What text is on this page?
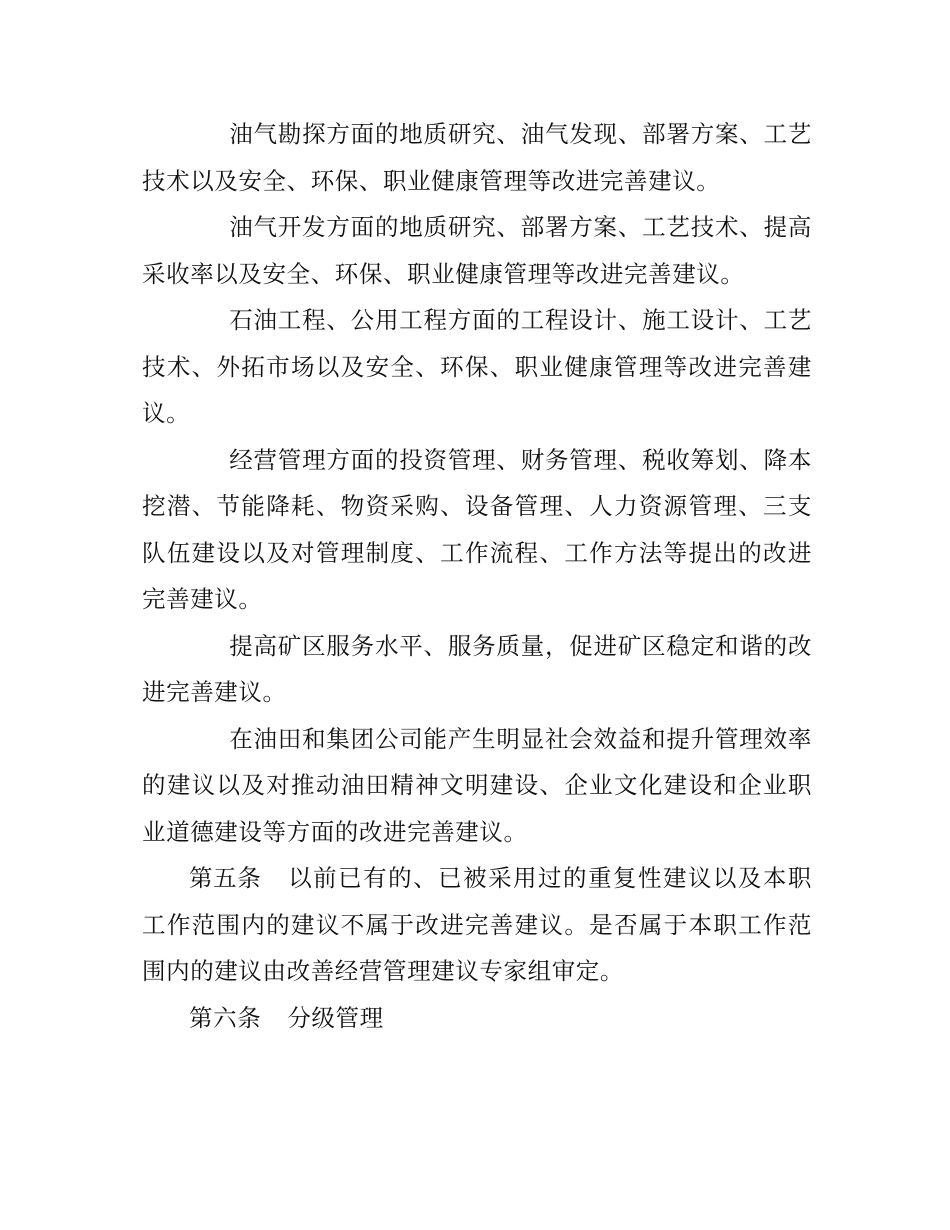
油气勘探方面的地质研究、油气发现、部署方案、工艺技术以及安全、环保、职业健康管理等改进完善建议。

油气开发方面的地质研究、部署方案、工艺技术、提高采收率以及安全、环保、职业健康管理等改进完善建议。

石油工程、公用工程方面的工程设计、施工设计、工艺技术、外拓市场以及安全、环保、职业健康管理等改进完善建议。

经营管理方面的投资管理、财务管理、税收筹划、降本挖潜、节能降耗、物资采购、设备管理、人力资源管理、三支队伍建设以及对管理制度、工作流程、工作方法等提出的改进完善建议。

提高矿区服务水平、服务质量，促进矿区稳定和谐的改进完善建议。

在油田和集团公司能产生明显社会效益和提升管理效率的建议以及对推动油田精神文明建设、企业文化建设和企业职业道德建设等方面的改进完善建议。

第五条 以前已有的、已被采用过的重复性建议以及本职工作范围内的建议不属于改进完善建议。是否属于本职工作范围内的建议由改善经营管理建议专家组审定。

第六条 分级管理
